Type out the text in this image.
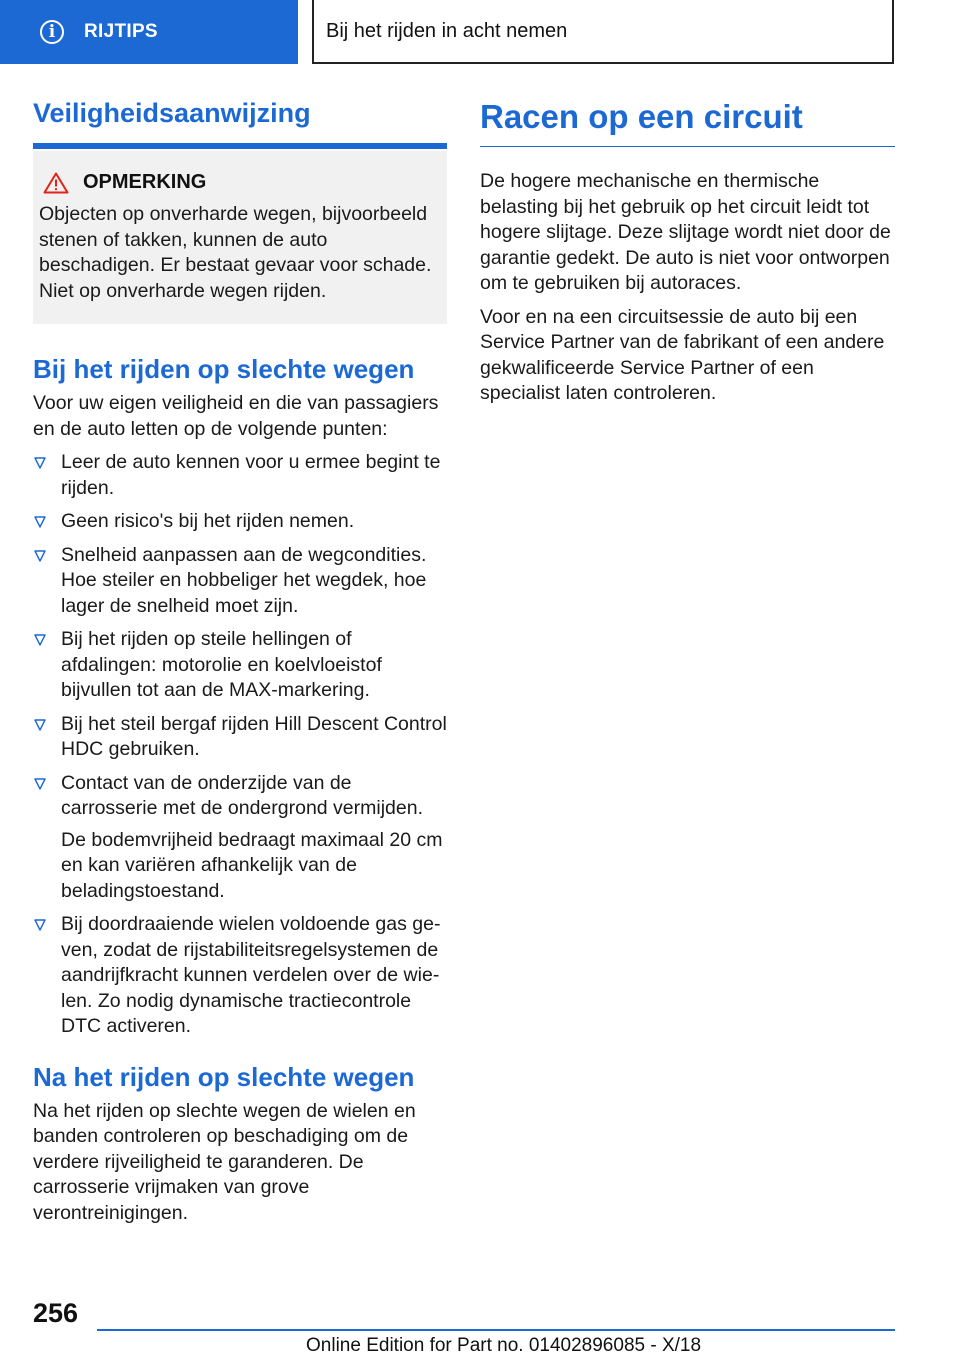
i	RIJTIPS	Bij het rijden in acht nemen
Veiligheidsaanwijzing
OPMERKING

Objecten op onverharde wegen, bijvoorbeeld stenen of takken, kunnen de auto beschadigen. Er bestaat gevaar voor schade. Niet op onverharde wegen rijden.

Bij het rijden op slechte wegen

Voor uw eigen veiligheid en die van passagiers en de auto letten op de volgende punten:

Leer de auto kennen voor u ermee begint te rijden.
Geen risico's bij het rijden nemen.
Snelheid aanpassen aan de wegcondities. Hoe steiler en hobbeliger het wegdek, hoe lager de snelheid moet zijn.
Bij het rijden op steile hellingen of afdalingen: motorolie en koelvloeistof bijvullen tot aan de MAX-markering.
Bij het steil bergaf rijden Hill Descent Control HDC gebruiken.
Contact van de onderzijde van de carrosserie met de ondergrond vermijden.
De bodemvrijheid bedraagt maximaal 20 cm en kan variëren afhankelijk van de beladingstoestand.
Bij doordraaiende wielen voldoende gas geven, zodat de rijstabiliteitsregelsystemen de aandrijfkracht kunnen verdelen over de wielen. Zo nodig dynamische tractiecontrole DTC activeren.
Na het rijden op slechte wegen

Na het rijden op slechte wegen de wielen en banden controleren op beschadiging om de verdere rijveiligheid te garanderen. De carrosserie vrijmaken van grove verontreinigingen.

Racen op een circuit

De hogere mechanische en thermische belasting bij het gebruik op het circuit leidt tot hogere slijtage. Deze slijtage wordt niet door de garantie gedekt. De auto is niet voor ontworpen om te gebruiken bij autoraces.

Voor en na een circuitsessie de auto bij een Service Partner van de fabrikant of een andere gekwalificeerde Service Partner of een specialist laten controleren.

256
Online Edition for Part no. 01402896085 - X/18
